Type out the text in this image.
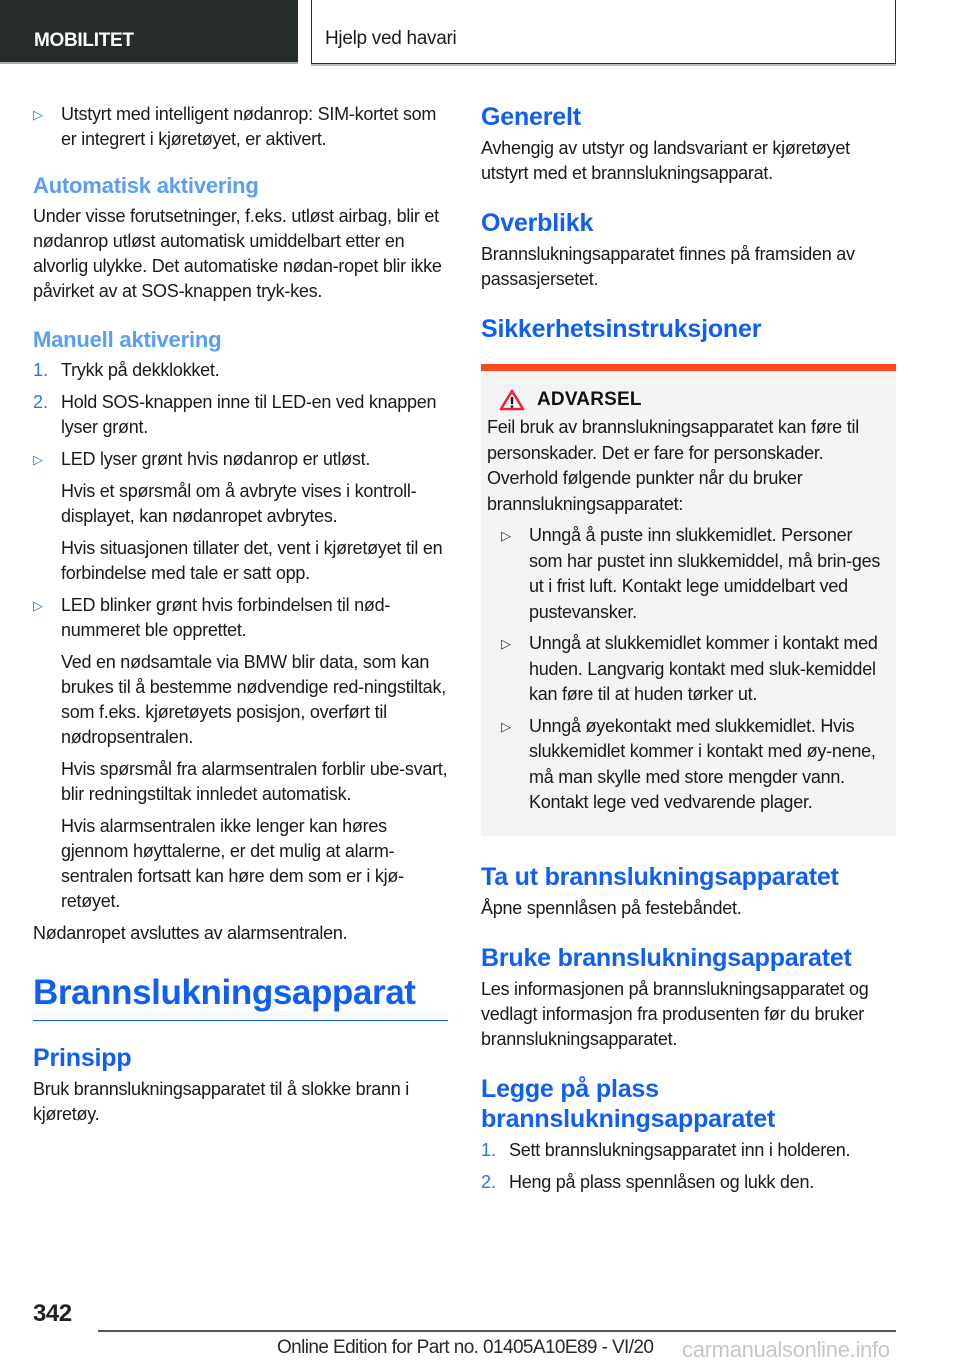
MOBILITET	Hjelp ved havari
▷ Utstyrt med intelligent nødanrop: SIM-kortet som er integrert i kjøretøyet, er aktivert.

Automatisk aktivering

Under visse forutsetninger, f.eks. utløst airbag, blir et nødanrop utløst automatisk umiddelbart etter en alvorlig ulykke. Det automatiske nødan-ropet blir ikke påvirket av at SOS-knappen tryk-kes.

Manuell aktivering
1. Trykk på dekklokket.

2. Hold SOS-knappen inne til LED-en ved knappen lyser grønt.

▷ LED lyser grønt hvis nødanrop er utløst.

Hvis et spørsmål om å avbryte vises i kontroll-displayet, kan nødanropet avbrytes.

Hvis situasjonen tillater det, vent i kjøretøyet til en forbindelse med tale er satt opp.

▷ LED blinker grønt hvis forbindelsen til nød-nummeret ble opprettet.

Ved en nødsamtale via BMW blir data, som kan brukes til å bestemme nødvendige red-ningstiltak, som f.eks. kjøretøyets posisjon, overført til nødropsentralen.

Hvis spørsmål fra alarmsentralen forblir ube-svart, blir redningstiltak innledet automatisk.

Hvis alarmsentralen ikke lenger kan høres gjennom høyttalerne, er det mulig at alarm-sentralen fortsatt kan høre dem som er i kjø-retøyet.

Nødanropet avsluttes av alarmsentralen.

Brannslukningsapparat
Prinsipp

Bruk brannslukningsapparatet til å slokke brann i kjøretøy.

Generelt

Avhengig av utstyr og landsvariant er kjøretøyet utstyrt med et brannslukningsapparat.

Overblikk

Brannslukningsapparatet finnes på framsiden av passasjersetet.

Sikkerhetsinstruksjoner
ADVARSEL

Feil bruk av brannslukningsapparatet kan føre til personskader. Det er fare for personskader. Overhold følgende punkter når du bruker brannslukningsapparatet:

▷ Unngå å puste inn slukkemidlet. Personer som har pustet inn slukkemiddel, må brin-ges ut i frist luft. Kontakt lege umiddelbart ved pustevansker.

▷ Unngå at slukkemidlet kommer i kontakt med huden. Langvarig kontakt med sluk-kemiddel kan føre til at huden tørker ut.

▷ Unngå øyekontakt med slukkemidlet. Hvis slukkemidlet kommer i kontakt med øy-nene, må man skylle med store mengder vann. Kontakt lege ved vedvarende plager.

Ta ut brannslukningsapparatet

Åpne spennlåsen på festebåndet.

Bruke brannslukningsapparatet

Les informasjonen på brannslukningsapparatet og vedlagt informasjon fra produsenten før du bruker brannslukningsapparatet.

Legge på plass brannslukningsapparatet
1. Sett brannslukningsapparatet inn i holderen.

2. Heng på plass spennlåsen og lukk den.

342
Online Edition for Part no. 01405A10E89 - VI/20 carmanualsonline.info
